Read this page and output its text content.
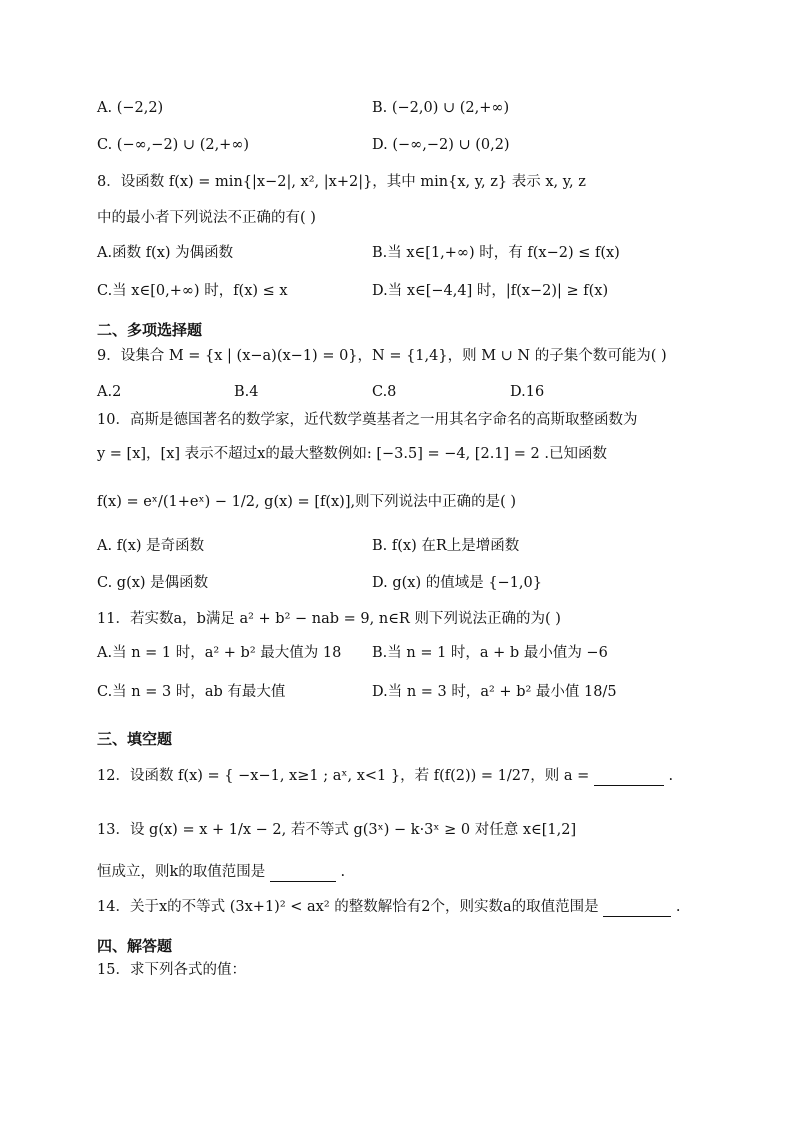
A. (−2,2)	B. (−2,0) ∪ (2,+∞)
C. (−∞,−2) ∪ (2,+∞)	D. (−∞,−2) ∪ (0,2)
8．设函数 f(x) = min{|x−2|, x², |x+2|}，其中 min{x, y, z} 表示 x, y, z
中的最小者下列说法不正确的有( )
A.函数 f(x) 为偶函数	B.当 x∈[1,+∞) 时，有 f(x−2) ≤ f(x)
C.当 x∈[0,+∞) 时，f(x) ≤ x	D.当 x∈[−4,4] 时，|f(x−2)| ≥ f(x)
二、多项选择题
9．设集合 M = {x | (x−a)(x−1) = 0}，N = {1,4}，则 M ∪ N 的子集个数可能为( )
A.2	B.4	C.8	D.16
10．高斯是德国著名的数学家，近代数学奠基者之一用其名字命名的高斯取整函数为
y = [x]，[x] 表示不超过x的最大整数例如: [−3.5] = −4, [2.1] = 2 .已知函数
f(x) = eˣ/(1+eˣ) − 1/2, g(x) = [f(x)],则下列说法中正确的是( )
A. f(x) 是奇函数	B. f(x) 在R上是增函数
C. g(x) 是偶函数	D. g(x) 的值域是 {−1,0}
11．若实数a，b满足 a² + b² − nab = 9, n∈R 则下列说法正确的为( )
A.当 n = 1 时，a² + b² 最大值为 18 B.当 n = 1 时，a + b 最小值为 −6
C.当 n = 3 时，ab 有最大值	D.当 n = 3 时，a² + b² 最小值 18/5
三、填空题
12．设函数 f(x) = { −x−1, x≥1 ; aˣ, x<1 }，若 f(f(2)) = 1/27，则 a =	.
13．设 g(x) = x + 1/x − 2, 若不等式 g(3ˣ) − k·3ˣ ≥ 0 对任意 x∈[1,2]
恒成立，则k的取值范围是	.
14．关于x的不等式 (3x+1)² < ax² 的整数解恰有2个，则实数a的取值范围是	.
四、解答题
15．求下列各式的值：
